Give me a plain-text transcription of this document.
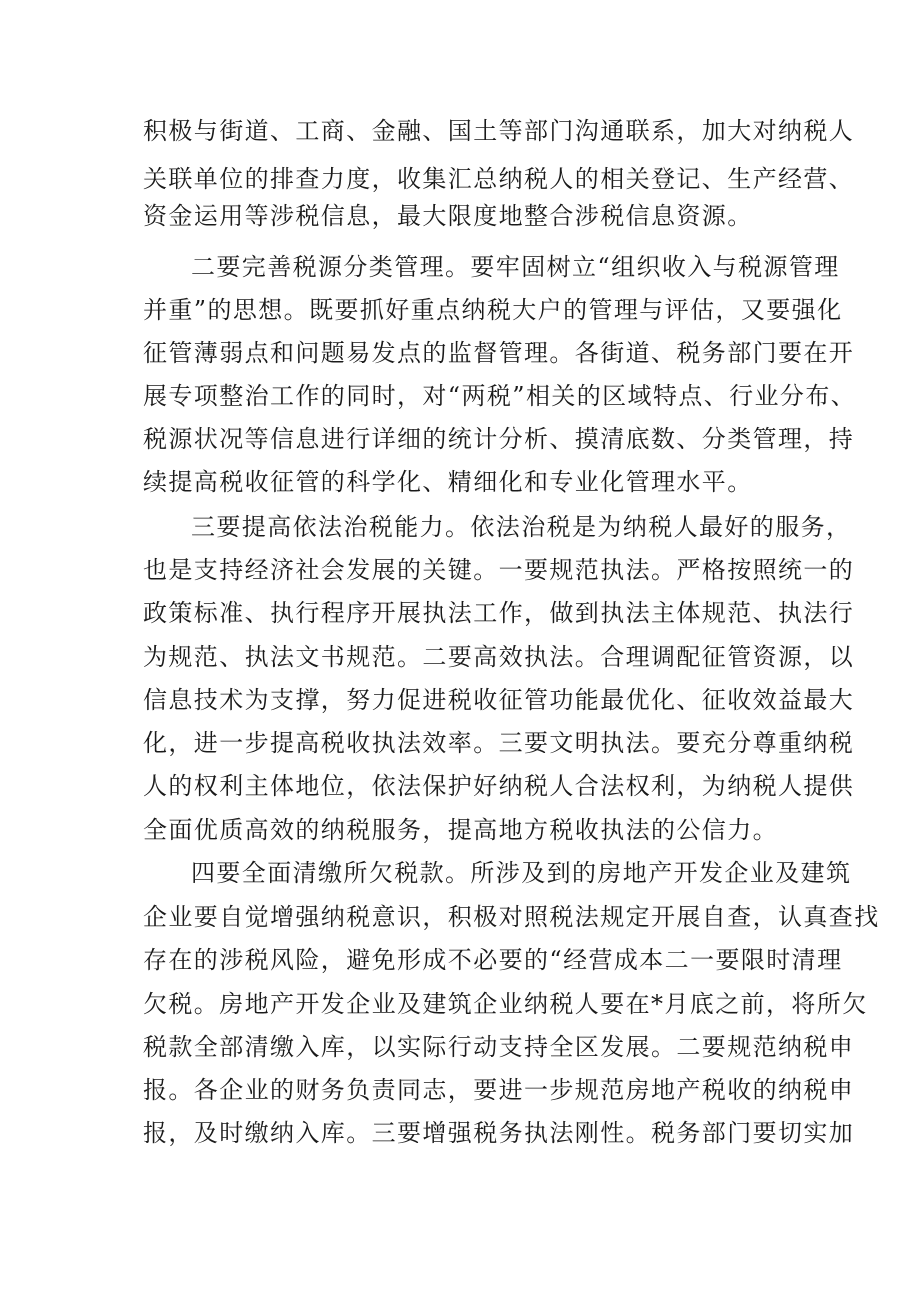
积极与街道、工商、金融、国土等部门沟通联系，加大对纳税人
关联单位的排查力度，收集汇总纳税人的相关登记、生产经营、
资金运用等涉税信息，最大限度地整合涉税信息资源。
二要完善税源分类管理。要牢固树立“组织收入与税源管理
并重”的思想。既要抓好重点纳税大户的管理与评估，又要强化
征管薄弱点和问题易发点的监督管理。各街道、税务部门要在开
展专项整治工作的同时，对“两税”相关的区域特点、行业分布、
税源状况等信息进行详细的统计分析、摸清底数、分类管理，持
续提高税收征管的科学化、精细化和专业化管理水平。
三要提高依法治税能力。依法治税是为纳税人最好的服务，
也是支持经济社会发展的关键。一要规范执法。严格按照统一的
政策标准、执行程序开展执法工作，做到执法主体规范、执法行
为规范、执法文书规范。二要高效执法。合理调配征管资源，以
信息技术为支撑，努力促进税收征管功能最优化、征收效益最大
化，进一步提高税收执法效率。三要文明执法。要充分尊重纳税
人的权利主体地位，依法保护好纳税人合法权利，为纳税人提供
全面优质高效的纳税服务，提高地方税收执法的公信力。
四要全面清缴所欠税款。所涉及到的房地产开发企业及建筑
企业要自觉增强纳税意识，积极对照税法规定开展自查，认真查找
存在的涉税风险，避免形成不必要的“经营成本二一要限时清理
欠税。房地产开发企业及建筑企业纳税人要在*月底之前，将所欠
税款全部清缴入库，以实际行动支持全区发展。二要规范纳税申
报。各企业的财务负责同志，要进一步规范房地产税收的纳税申
报，及时缴纳入库。三要增强税务执法刚性。税务部门要切实加
